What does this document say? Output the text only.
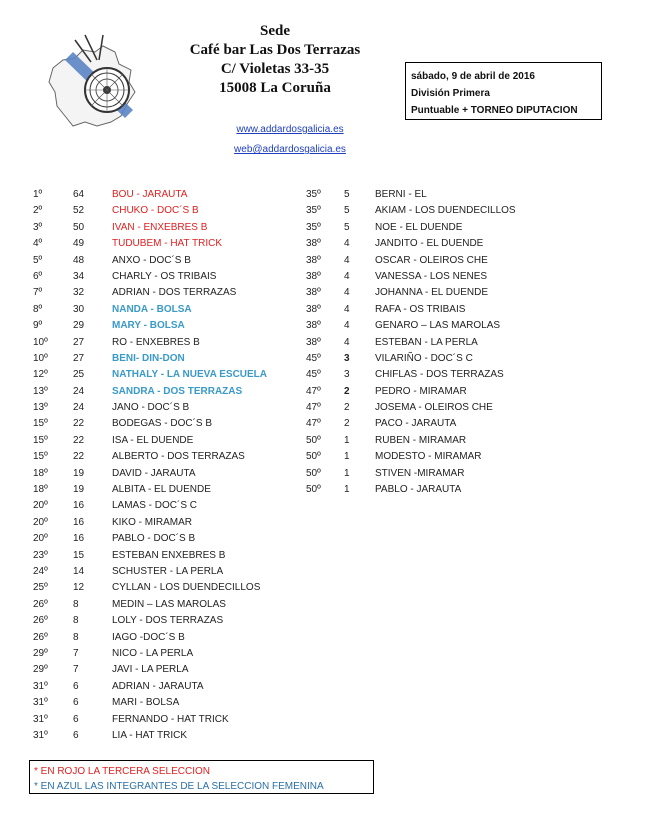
Sede
Café bar Las Dos Terrazas
C/ Violetas 33-35
15008 La Coruña
www.addardosgalicia.es
web@addardosgalicia.es
sábado, 9 de abril de 2016
División Primera
Puntuable + TORNEO DIPUTACION
1º	64	BOU - JARAUTA
2º	52	CHUKO - DOC´S B
3º	50	IVAN - ENXEBRES B
4º	49	TUDUBEM - HAT TRICK
5º	48	ANXO - DOC´S B
6º	34	CHARLY - OS TRIBAIS
7º	32	ADRIAN - DOS TERRAZAS
8º	30	NANDA - BOLSA
9º	29	MARY - BOLSA
10º	27	RO - ENXEBRES B
10º	27	BENI- DIN-DON
12º	25	NATHALY - LA NUEVA ESCUELA
13º	24	SANDRA - DOS TERRAZAS
13º	24	JANO - DOC´S B
15º	22	BODEGAS - DOC´S B
15º	22	ISA - EL DUENDE
15º	22	ALBERTO - DOS TERRAZAS
18º	19	DAVID - JARAUTA
18º	19	ALBITA - EL DUENDE
20º	16	LAMAS - DOC´S C
20º	16	KIKO - MIRAMAR
20º	16	PABLO - DOC´S B
23º	15	ESTEBAN ENXEBRES B
24º	14	SCHUSTER - LA PERLA
25º	12	CYLLAN - LOS DUENDECILLOS
26º	8	MEDIN – LAS MAROLAS
26º	8	LOLY - DOS TERRAZAS
26º	8	IAGO -DOC´S B
29º	7	NICO - LA PERLA
29º	7	JAVI - LA PERLA
31º	6	ADRIAN - JARAUTA
31º	6	MARI - BOLSA
31º	6	FERNANDO - HAT TRICK
31º	6	LIA - HAT TRICK
35º 5	BERNI - EL
35º 5	AKIAM - LOS DUENDECILLOS
35º 5	NOE - EL DUENDE
38º 4	JANDITO - EL DUENDE
38º 4	OSCAR - OLEIROS CHE
38º 4	VANESSA - LOS NENES
38º 4	JOHANNA - EL DUENDE
38º 4	RAFA - OS TRIBAIS
38º 4	GENARO – LAS MAROLAS
38º 4	ESTEBAN - LA PERLA
45º 3	VILARIÑO - DOC´S C
45º 3	CHIFLAS - DOS TERRAZAS
47º 2	PEDRO - MIRAMAR
47º 2	JOSEMA - OLEIROS CHE
47º 2	PACO - JARAUTA
50º 1	RUBEN - MIRAMAR
50º 1	MODESTO - MIRAMAR
50º 1	STIVEN -MIRAMAR
50º 1	PABLO - JARAUTA
* EN ROJO LA TERCERA SELECCION
* EN AZUL LAS INTEGRANTES DE LA SELECCION FEMENINA
